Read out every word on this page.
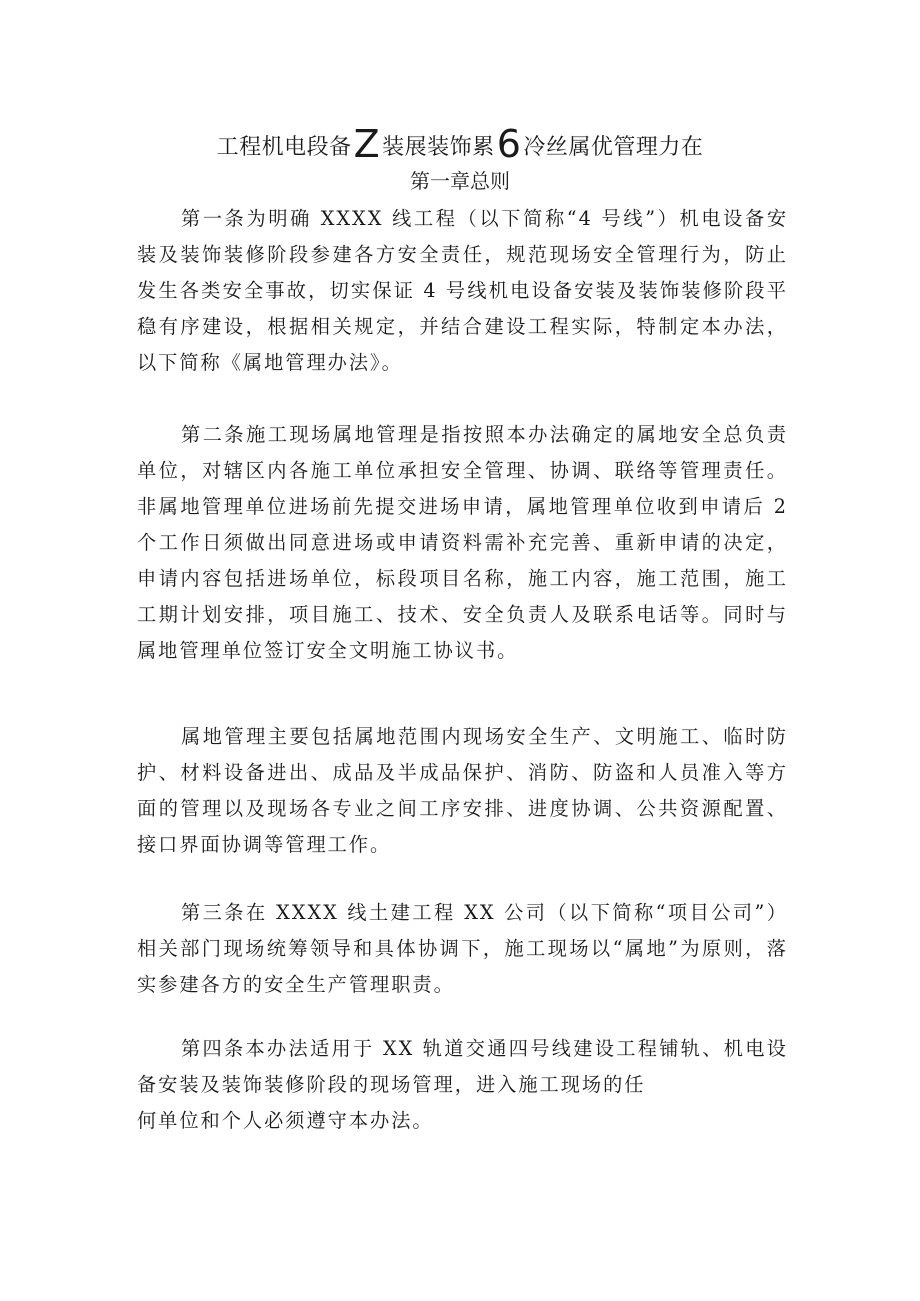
工程机电段备Z装展装饰累6冷丝属优管理力在
第一章总则

第一条为明确 XXXX 线工程（以下简称“4 号线”）机电设备安装及装饰装修阶段参建各方安全责任，规范现场安全管理行为，防止发生各类安全事故，切实保证 4 号线机电设备安装及装饰装修阶段平稳有序建设，根据相关规定，并结合建设工程实际，特制定本办法，以下简称《属地管理办法》。

第二条施工现场属地管理是指按照本办法确定的属地安全总负责单位，对辖区内各施工单位承担安全管理、协调、联络等管理责任。非属地管理单位进场前先提交进场申请，属地管理单位收到申请后 2 个工作日须做出同意进场或申请资料需补充完善、重新申请的决定，申请内容包括进场单位，标段项目名称，施工内容，施工范围，施工工期计划安排，项目施工、技术、安全负责人及联系电话等。同时与属地管理单位签订安全文明施工协议书。

属地管理主要包括属地范围内现场安全生产、文明施工、临时防护、材料设备进出、成品及半成品保护、消防、防盗和人员准入等方面的管理以及现场各专业之间工序安排、进度协调、公共资源配置、接口界面协调等管理工作。

第三条在 XXXX 线土建工程 XX 公司（以下简称“项目公司”）相关部门现场统筹领导和具体协调下，施工现场以“属地”为原则，落实参建各方的安全生产管理职责。

第四条本办法适用于 XX 轨道交通四号线建设工程铺轨、机电设备安装及装饰装修阶段的现场管理，进入施工现场的任
何单位和个人必须遵守本办法。
